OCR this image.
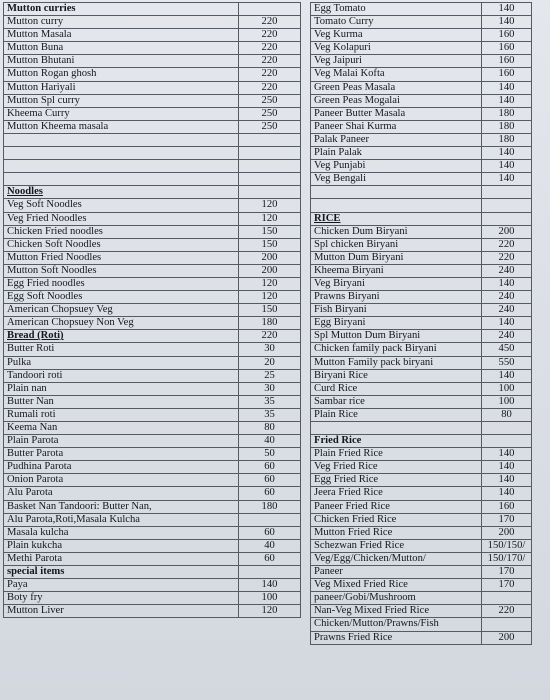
Mutton curries	
Mutton curry	220
Mutton Masala	220
Mutton Buna	220
Mutton Bhutani	220
Mutton Rogan ghosh	220
Mutton Hariyali	220
Mutton Spl curry	250
Kheema Curry	250
Mutton Kheema masala	250

Noodles	
Veg Soft Noodles	120
Veg Fried Noodles	120
Chicken Fried noodles	150
Chicken Soft Noodles	150
Mutton Fried Noodles	200
Mutton Soft Noodles	200
Egg Fried noodles	120
Egg Soft Noodles	120
American Chopsuey Veg	150
American Chopsuey Non Veg	180
Bread (Roti)	220
Butter Roti	30
Pulka	20
Tandoori roti	25
Plain nan	30
Butter Nan	35
Rumali roti	35
Keema Nan	80
Plain Parota	40
Butter Parota	50
Pudhina Parota	60
Onion Parota	60
Alu Parota	60
Basket Nan Tandoori: Butter Nan,	180
Alu Parota,Roti,Masala Kulcha	
Masala kulcha	60
Plain kukcha	40
Methi Parota	60
special items	
Paya	140
Boty fry	100
Mutton Liver	120
Egg Tomato	140
Tomato Curry	140
Veg Kurma	160
Veg Kolapuri	160
Veg Jaipuri	160
Veg Malai Kofta	160
Green Peas Masala	140
Green Peas Mogalai	140
Paneer Butter Masala	180
Paneer Shai Kurma	180
Palak Paneer	180
Plain Palak	140
Veg Punjabi	140
Veg Bengali	140

RICE	
Chicken Dum Biryani	200
Spl chicken Biryani	220
Mutton Dum Biryani	220
Kheema Biryani	240
Veg Biryani	140
Prawns Biryani	240
Fish Biryani	240
Egg Biryani	140
Spl Mutton Dum Biryani	240
Chicken family pack Biryani	450
Mutton Family pack biryani	550
Biryani Rice	140
Curd Rice	100
Sambar rice	100
Plain Rice	80

Fried Rice	
Plain Fried Rice	140
Veg Fried Rice	140
Egg Fried Rice	140
Jeera Fried Rice	140
Paneer Fried Rice	160
Chicken Fried Rice	170
Mutton Fried Rice	200
Schezwan Fried Rice	150/150/
Veg/Egg/Chicken/Mutton/	150/170/
Paneer	170
Veg Mixed Fried Rice	170
paneer/Gobi/Mushroom	
Nan-Veg Mixed Fried Rice	220
Chicken/Mutton/Prawns/Fish	
Prawns Fried Rice	200
